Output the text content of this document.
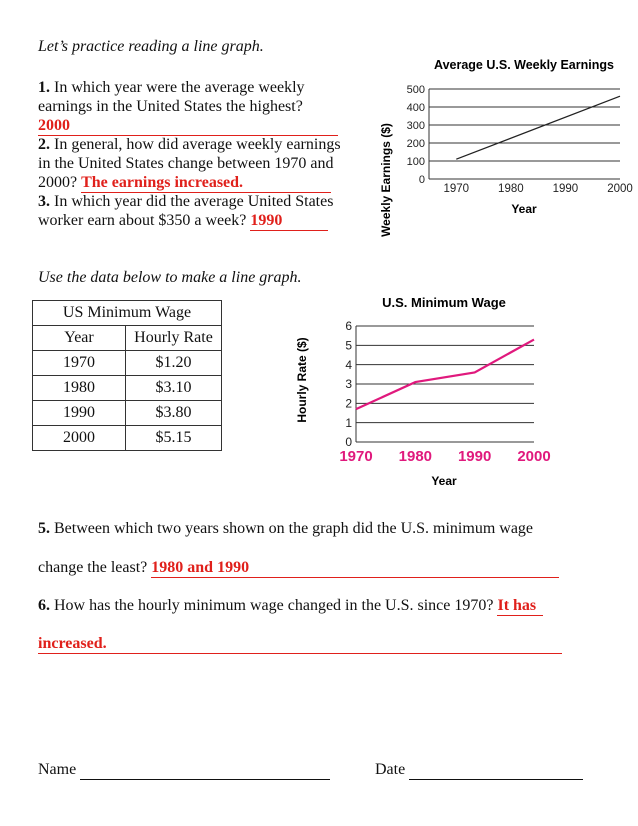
Let’s practice reading a line graph.
1. In which year were the average weekly earnings in the United States the highest?
2000
2. In general, how did average weekly earnings in the United States change between 1970 and 2000? The earnings increased.
3. In which year did the average United States worker earn about $350 a week? 1990
Average U.S. Weekly Earnings
Weekly Earnings ($)	Year
0
100
200
300
400
500
1970	1980	1990	2000
Use the data below to make a line graph.
US Minimum Wage	
Year	Hourly Rate
1970	$1.20
1980	$3.10
1990	$3.80
2000	$5.15
U.S. Minimum Wage
Hourly Rate ($)
Year
0
1
2
3
4
5
6
1970 1980 1990 2000
5. Between which two years shown on the graph did the U.S. minimum wage
change the least? 1980 and 1990
6. How has the hourly minimum wage changed in the U.S. since 1970? It has
increased.
Name	Date
